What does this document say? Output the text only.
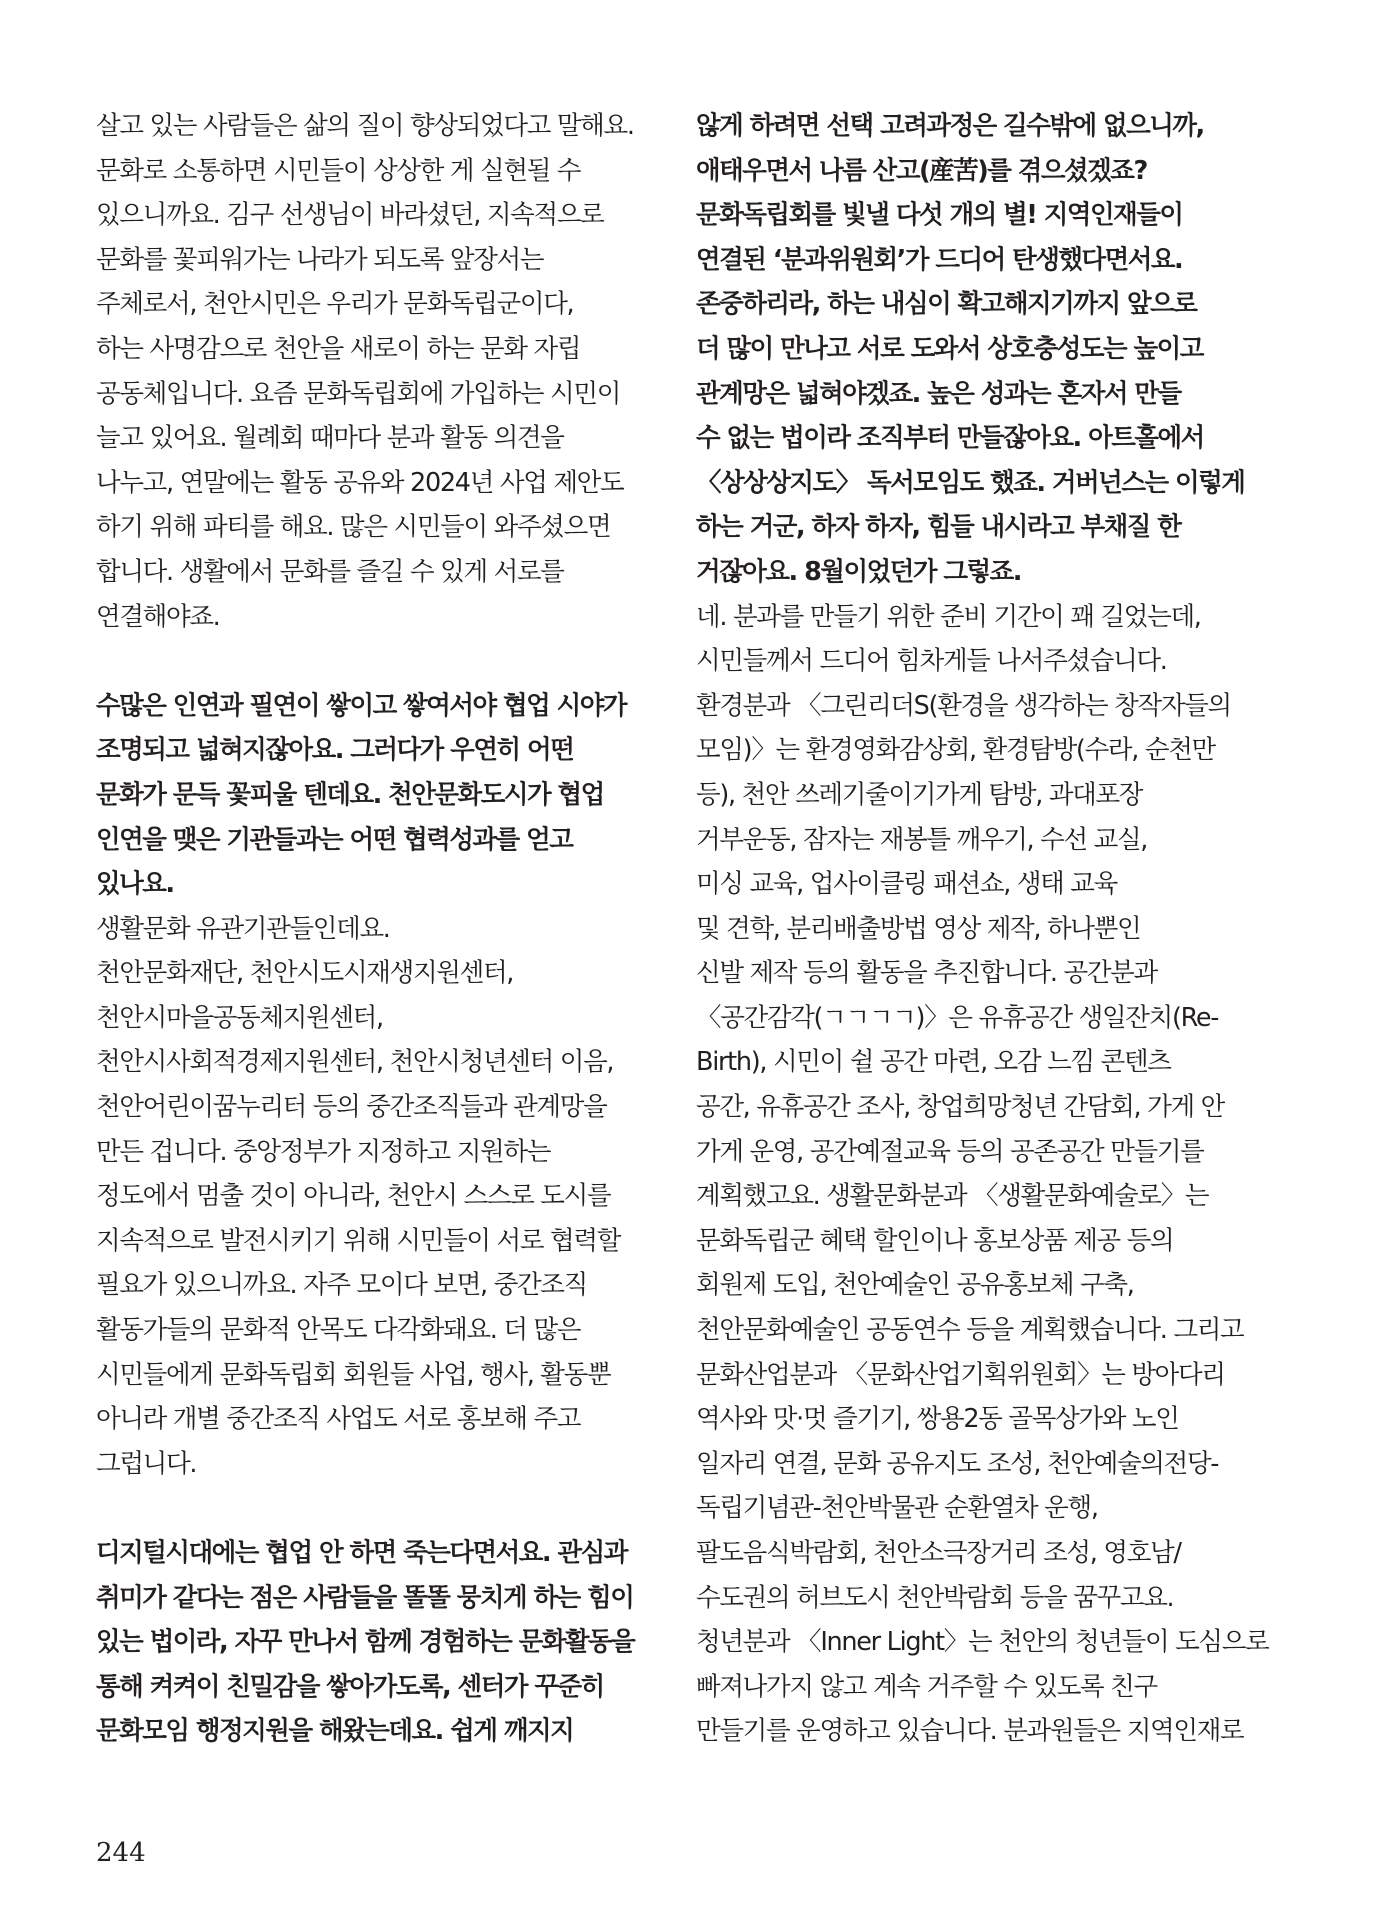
살고 있는 사람들은 삶의 질이 향상되었다고 말해요.
문화로 소통하면 시민들이 상상한 게 실현될 수
있으니까요. 김구 선생님이 바라셨던, 지속적으로
문화를 꽃피워가는 나라가 되도록 앞장서는
주체로서, 천안시민은 우리가 문화독립군이다,
하는 사명감으로 천안을 새로이 하는 문화 자립
공동체입니다. 요즘 문화독립회에 가입하는 시민이
늘고 있어요. 월례회 때마다 분과 활동 의견을
나누고, 연말에는 활동 공유와 2024년 사업 제안도
하기 위해 파티를 해요. 많은 시민들이 와주셨으면
합니다. 생활에서 문화를 즐길 수 있게 서로를
연결해야죠.
수많은 인연과 필연이 쌓이고 쌓여서야 협업 시야가
조명되고 넓혀지잖아요. 그러다가 우연히 어떤
문화가 문득 꽃피울 텐데요. 천안문화도시가 협업
인연을 맺은 기관들과는 어떤 협력성과를 얻고
있나요.
생활문화 유관기관들인데요.
천안문화재단, 천안시도시재생지원센터,
천안시마을공동체지원센터,
천안시사회적경제지원센터, 천안시청년센터 이음,
천안어린이꿈누리터 등의 중간조직들과 관계망을
만든 겁니다. 중앙정부가 지정하고 지원하는
정도에서 멈출 것이 아니라, 천안시 스스로 도시를
지속적으로 발전시키기 위해 시민들이 서로 협력할
필요가 있으니까요. 자주 모이다 보면, 중간조직
활동가들의 문화적 안목도 다각화돼요. 더 많은
시민들에게 문화독립회 회원들 사업, 행사, 활동뿐
아니라 개별 중간조직 사업도 서로 홍보해 주고
그럽니다.
디지털시대에는 협업 안 하면 죽는다면서요. 관심과
취미가 같다는 점은 사람들을 똘똘 뭉치게 하는 힘이
있는 법이라, 자꾸 만나서 함께 경험하는 문화활동을
통해 켜켜이 친밀감을 쌓아가도록, 센터가 꾸준히
문화모임 행정지원을 해왔는데요. 쉽게 깨지지
않게 하려면 선택 고려과정은 길수밖에 없으니까,
애태우면서 나름 산고(産苦)를 겪으셨겠죠?
문화독립회를 빛낼 다섯 개의 별! 지역인재들이
연결된 ‘분과위원회’가 드디어 탄생했다면서요.
존중하리라, 하는 내심이 확고해지기까지 앞으로
더 많이 만나고 서로 도와서 상호충성도는 높이고
관계망은 넓혀야겠죠. 높은 성과는 혼자서 만들
수 없는 법이라 조직부터 만들잖아요. 아트홀에서
〈상상상지도〉 독서모임도 했죠. 거버넌스는 이렇게
하는 거군, 하자 하자, 힘들 내시라고 부채질 한
거잖아요. 8월이었던가 그렇죠.
네. 분과를 만들기 위한 준비 기간이 꽤 길었는데,
시민들께서 드디어 힘차게들 나서주셨습니다.
환경분과 〈그린리더S(환경을 생각하는 창작자들의
모임)〉는 환경영화감상회, 환경탐방(수라, 순천만
등), 천안 쓰레기줄이기가게 탐방, 과대포장
거부운동, 잠자는 재봉틀 깨우기, 수선 교실,
미싱 교육, 업사이클링 패션쇼, 생태 교육
및 견학, 분리배출방법 영상 제작, 하나뿐인
신발 제작 등의 활동을 추진합니다. 공간분과
〈공간감각(ㄱㄱㄱㄱ)〉은 유휴공간 생일잔치(Re-
Birth), 시민이 쉴 공간 마련, 오감 느낌 콘텐츠
공간, 유휴공간 조사, 창업희망청년 간담회, 가게 안
가게 운영, 공간예절교육 등의 공존공간 만들기를
계획했고요. 생활문화분과 〈생활문화예술로〉는
문화독립군 혜택 할인이나 홍보상품 제공 등의
회원제 도입, 천안예술인 공유홍보체 구축,
천안문화예술인 공동연수 등을 계획했습니다. 그리고
문화산업분과 〈문화산업기획위원회〉는 방아다리
역사와 맛·멋 즐기기, 쌍용2동 골목상가와 노인
일자리 연결, 문화 공유지도 조성, 천안예술의전당-
독립기념관-천안박물관 순환열차 운행,
팔도음식박람회, 천안소극장거리 조성, 영호남/
수도권의 허브도시 천안박람회 등을 꿈꾸고요.
청년분과 〈Inner Light〉는 천안의 청년들이 도심으로
빠져나가지 않고 계속 거주할 수 있도록 친구
만들기를 운영하고 있습니다. 분과원들은 지역인재로
244
